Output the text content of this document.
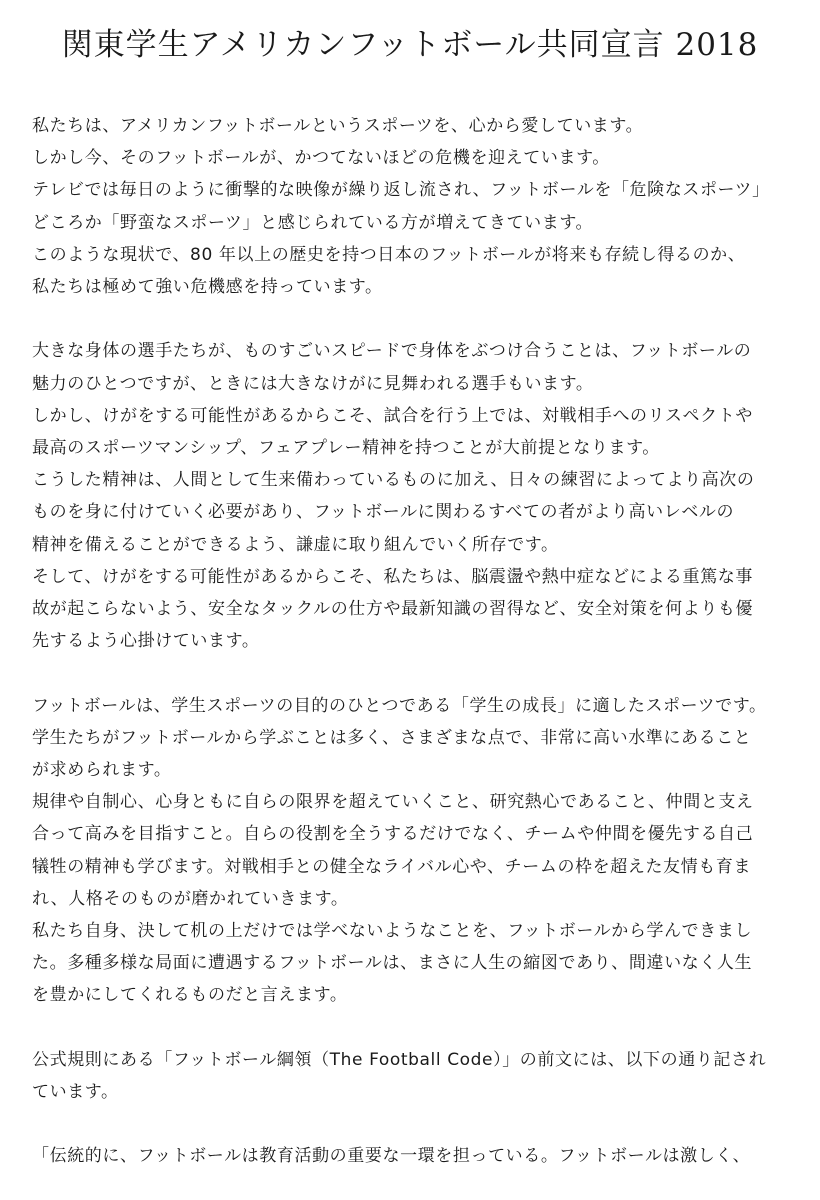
関東学生アメリカンフットボール共同宣言 2018
私たちは、アメリカンフットボールというスポーツを、心から愛しています。
しかし今、そのフットボールが、かつてないほどの危機を迎えています。
テレビでは毎日のように衝撃的な映像が繰り返し流され、フットボールを「危険なスポーツ」
どころか「野蛮なスポーツ」と感じられている方が増えてきています。
このような現状で、80 年以上の歴史を持つ日本のフットボールが将来も存続し得るのか、
私たちは極めて強い危機感を持っています。
大きな身体の選手たちが、ものすごいスピードで身体をぶつけ合うことは、フットボールの
魅力のひとつですが、ときには大きなけがに見舞われる選手もいます。
しかし、けがをする可能性があるからこそ、試合を行う上では、対戦相手へのリスペクトや
最高のスポーツマンシップ、フェアプレー精神を持つことが大前提となります。
こうした精神は、人間として生来備わっているものに加え、日々の練習によってより高次の
ものを身に付けていく必要があり、フットボールに関わるすべての者がより高いレベルの
精神を備えることができるよう、謙虚に取り組んでいく所存です。
そして、けがをする可能性があるからこそ、私たちは、脳震盪や熱中症などによる重篤な事
故が起こらないよう、安全なタックルの仕方や最新知識の習得など、安全対策を何よりも優
先するよう心掛けています。
フットボールは、学生スポーツの目的のひとつである「学生の成長」に適したスポーツです。
学生たちがフットボールから学ぶことは多く、さまざまな点で、非常に高い水準にあること
が求められます。
規律や自制心、心身ともに自らの限界を超えていくこと、研究熱心であること、仲間と支え
合って高みを目指すこと。自らの役割を全うするだけでなく、チームや仲間を優先する自己
犠牲の精神も学びます。対戦相手との健全なライバル心や、チームの枠を超えた友情も育ま
れ、人格そのものが磨かれていきます。
私たち自身、決して机の上だけでは学べないようなことを、フットボールから学んできまし
た。多種多様な局面に遭遇するフットボールは、まさに人生の縮図であり、間違いなく人生
を豊かにしてくれるものだと言えます。
公式規則にある「フットボール綱領（The Football Code）」の前文には、以下の通り記され
ています。
「伝統的に、フットボールは教育活動の重要な一環を担っている。フットボールは激しく、
